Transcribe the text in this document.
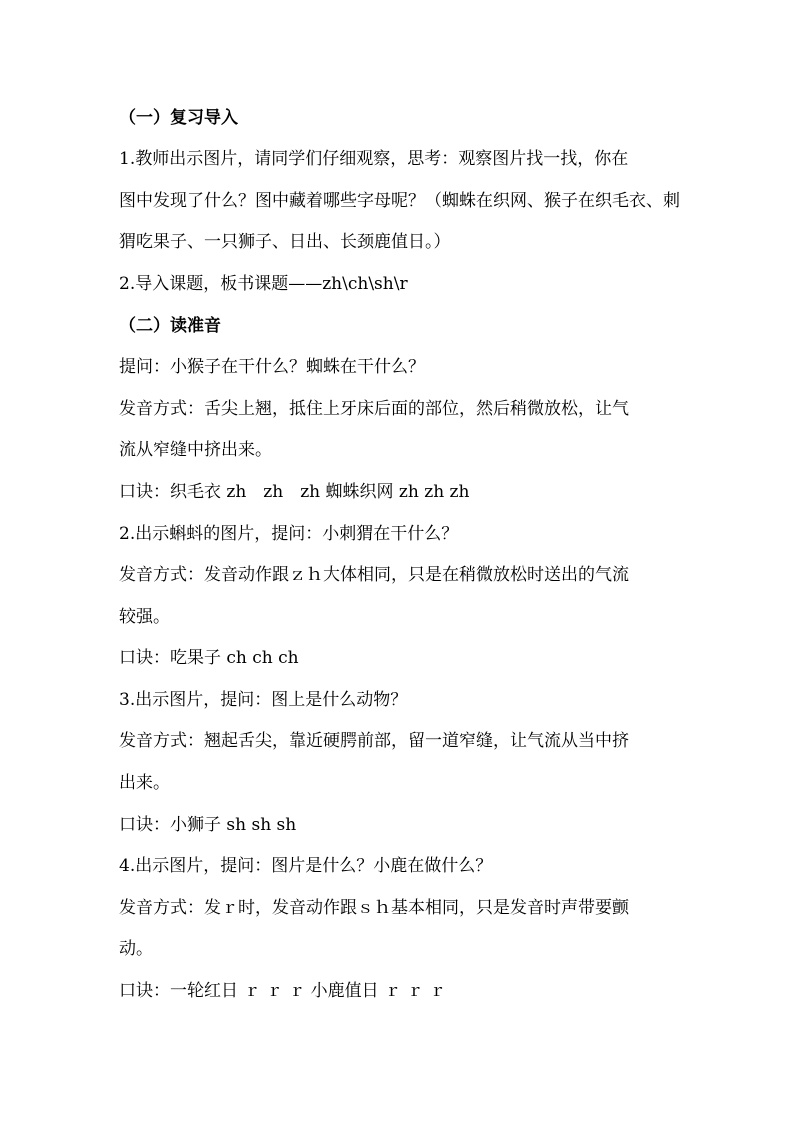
（一）复习导入
1.教师出示图片，请同学们仔细观察，思考：观察图片找一找，你在
图中发现了什么？图中藏着哪些字母呢？（蜘蛛在织网、猴子在织毛衣、刺
猬吃果子、一只狮子、日出、长颈鹿值日。）
2.导入课题，板书课题——zh\ch\sh\r
（二）读准音
提问：小猴子在干什么？蜘蛛在干什么？
发音方式：舌尖上翘，抵住上牙床后面的部位，然后稍微放松，让气
流从窄缝中挤出来。
口诀：织毛衣 zh　zh　zh 蜘蛛织网 zh zh zh
2.出示蝌蚪的图片，提问：小刺猬在干什么？
发音方式：发音动作跟ｚｈ大体相同，只是在稍微放松时送出的气流
较强。
口诀：吃果子 ch ch ch
3.出示图片，提问：图上是什么动物？
发音方式：翘起舌尖，靠近硬腭前部，留一道窄缝，让气流从当中挤
出来。
口诀：小狮子 sh sh sh
4.出示图片，提问：图片是什么？小鹿在做什么？
发音方式：发ｒ时，发音动作跟ｓｈ基本相同，只是发音时声带要颤
动。
口诀：一轮红日 ｒ ｒ ｒ 小鹿值日 ｒ ｒ ｒ
